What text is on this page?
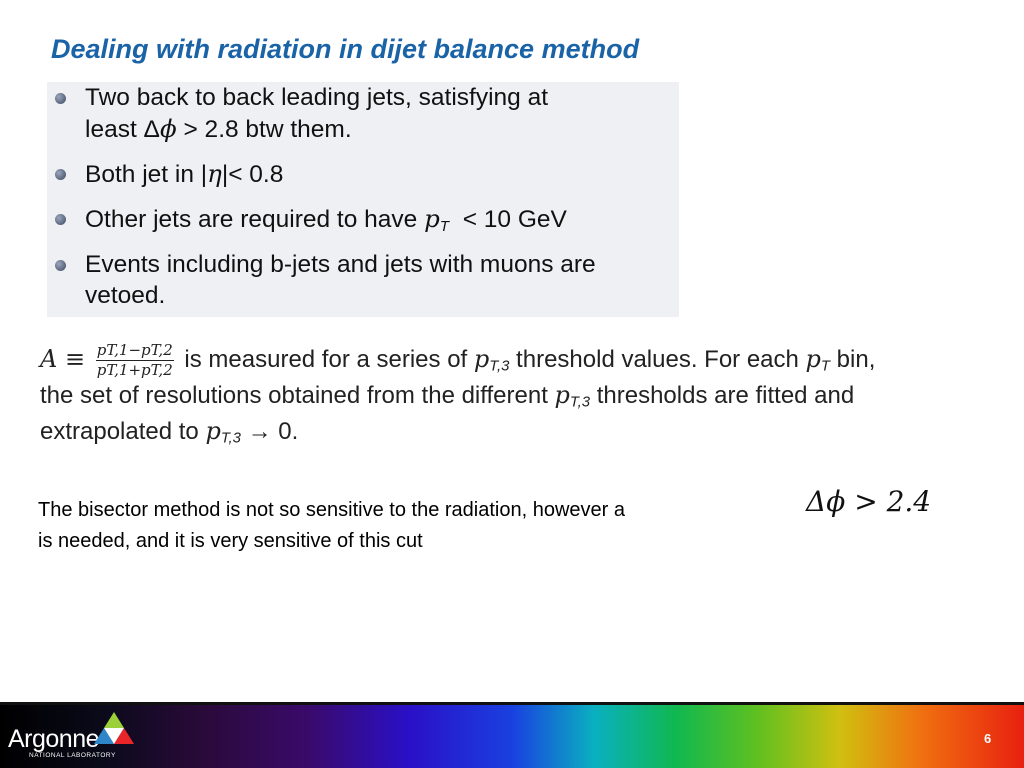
Dealing with radiation in dijet balance method
Two back to back leading jets, satisfying at
least Δϕ > 2.8 btw them.
Both jet in |η|< 0.8
Other jets are required to have $p_T < 10$ GeV
Events including b-jets and jets with muons are vetoed.
$A \equiv \frac{pT,1-pT,2}{pT,1+pT,2}$ is measured for a series of $p_{T,3}$ threshold values. For each $p_T$ bin,
the set of resolutions obtained from the different $p_{T,3}$ thresholds are fitted and
extrapolated to $p_{T,3} \to 0$.
The bisector method is not so sensitive to the radiation, however a
is needed, and it is very sensitive of this cut
Δϕ > 2.4
Argonne
NATIONAL LABORATORY
6
